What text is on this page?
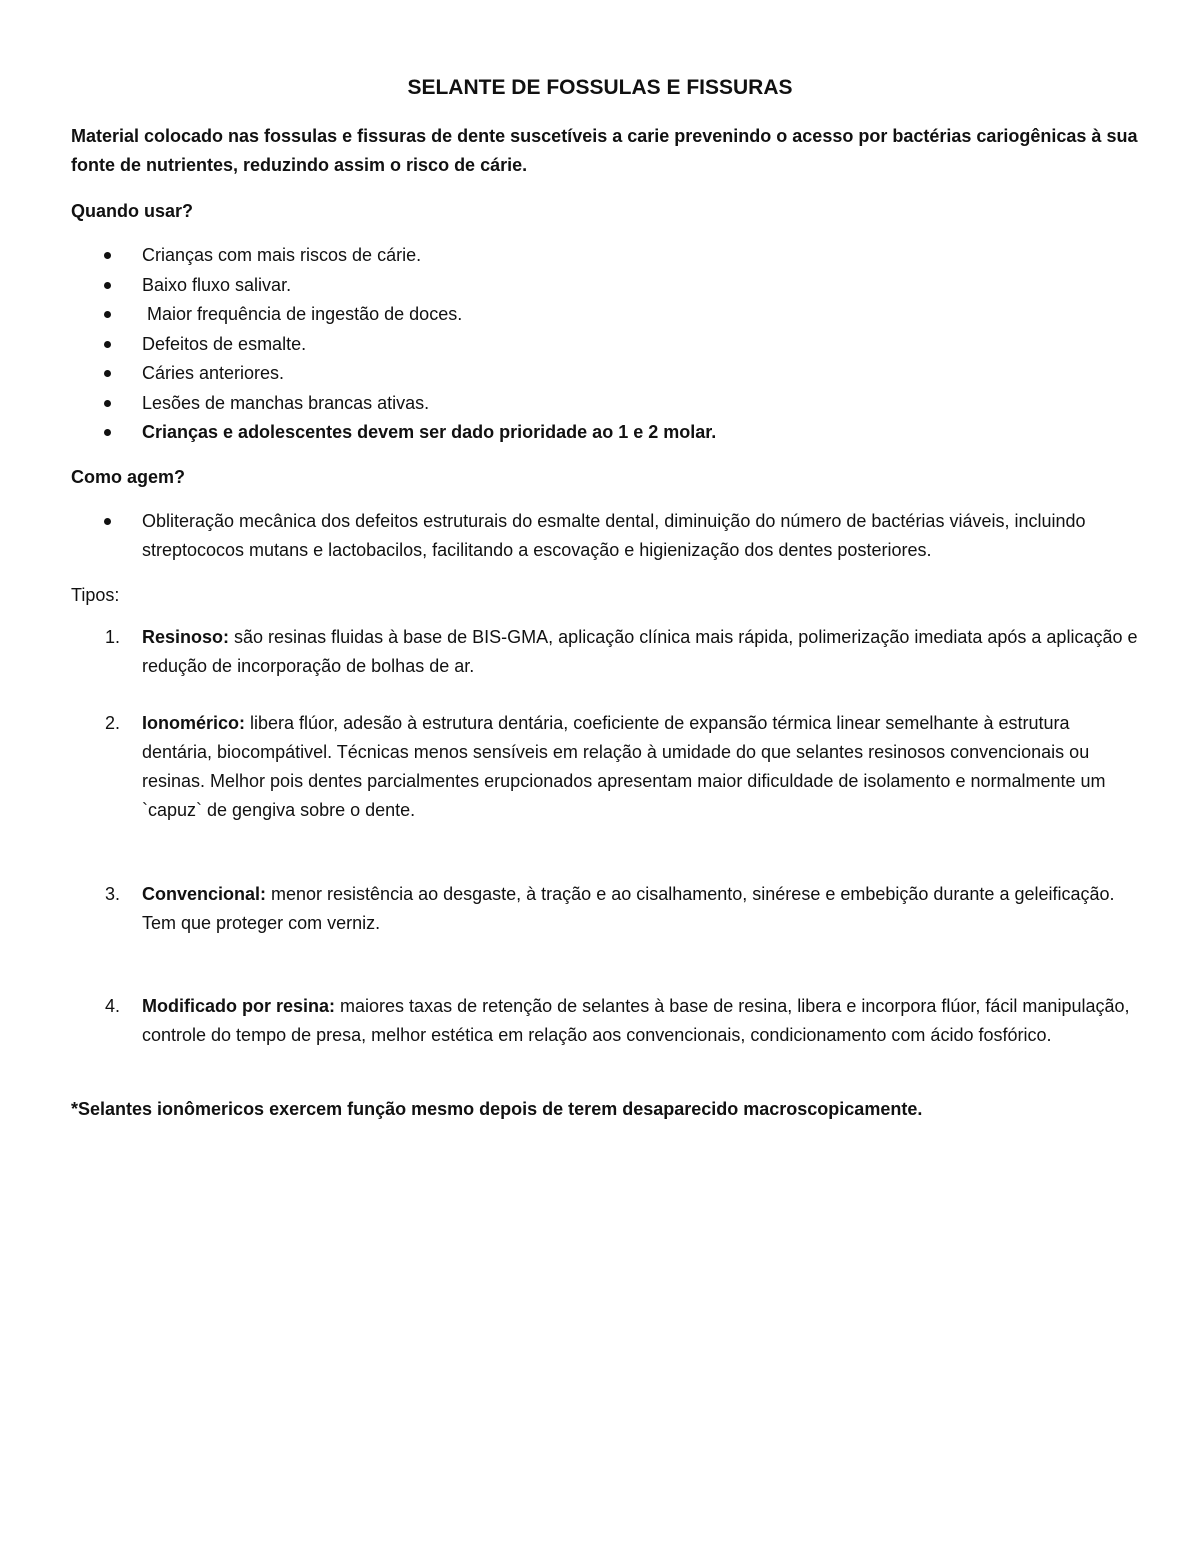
SELANTE DE FOSSULAS E FISSURAS

Material colocado nas fossulas e fissuras de dente suscetíveis a carie prevenindo o acesso por bactérias cariogênicas à sua fonte de nutrientes, reduzindo assim o risco de cárie.

Quando usar?

Crianças com mais riscos de cárie.
Baixo fluxo salivar.
Maior frequência de ingestão de doces.
Defeitos de esmalte.
Cáries anteriores.
Lesões de manchas brancas ativas.
Crianças e adolescentes devem ser dado prioridade ao 1 e 2 molar.

Como agem?

Obliteração mecânica dos defeitos estruturais do esmalte dental, diminuição do número de bactérias viáveis, incluindo streptococos mutans e lactobacilos, facilitando a escovação e higienização dos dentes posteriores.

Tipos:

1. Resinoso: são resinas fluidas à base de BIS-GMA, aplicação clínica mais rápida, polimerização imediata após a aplicação e redução de incorporação de bolhas de ar.
2. Ionomérico: libera flúor, adesão à estrutura dentária, coeficiente de expansão térmica linear semelhante à estrutura dentária, biocompátivel. Técnicas menos sensíveis em relação à umidade do que selantes resinosos convencionais ou resinas. Melhor pois dentes parcialmentes erupcionados apresentam maior dificuldade de isolamento e normalmente um `capuz` de gengiva sobre o dente.
3. Convencional: menor resistência ao desgaste, à tração e ao cisalhamento, sinérese e embebição durante a geleificação. Tem que proteger com verniz.
4. Modificado por resina: maiores taxas de retenção de selantes à base de resina, libera e incorpora flúor, fácil manipulação, controle do tempo de presa, melhor estética em relação aos convencionais, condicionamento com ácido fosfórico.

*Selantes ionômericos exercem função mesmo depois de terem desaparecido macroscopicamente.
